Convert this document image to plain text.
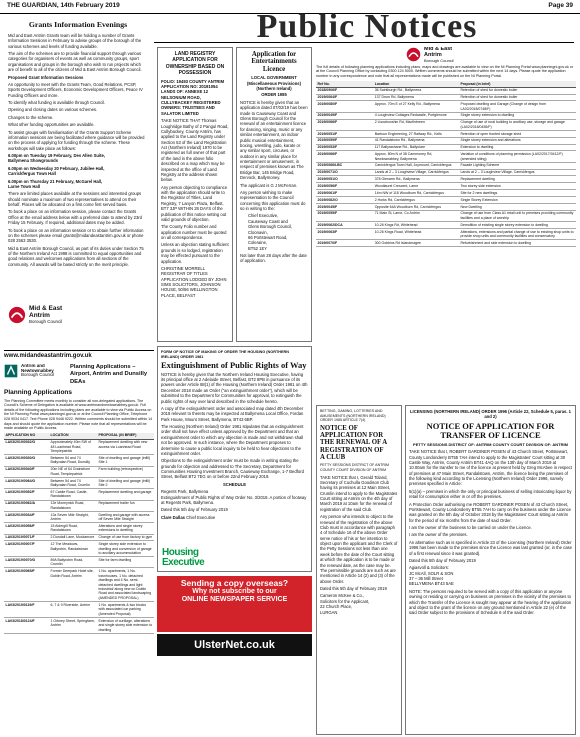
THE GUARDIAN, 14th February 2019	Page 39
Public Notices
Grants Information Evenings

Mid and East Antrim Grants team will be holding a number of Grants Information Sessions in February to advise groups of the borough of the various schemes and levels of funding available.

The aim of the schemes are to provide financial support through various categories for organisers of events as well as community groups, sport organisations and groups in the borough who wish to run projects which are of benefit to all of the citizens of Mid & East Antrim Borough Council.

Proposed Grant Information Sessions

An opportunity to meet with the Grants Team, Good Relations, PCSP, Sports Development Officers, Economic Development Officers, Peace IV Funding Officers and more.

To identify what funding is available through Council.

Opening and closing dates on various schemes.

Changes to the scheme.

What other funding opportunities are available.

To assist groups with familiarisation of the Grants Support Scheme information sessions are being facilitated where guidance will be provided on the process of applying for funding through the scheme. These workshops will take place as follows:

6.00pm on Tuesday 19 February, Des Allen Suite,
Ballymena Showgrounds

6.00pm on Wednesday 20 February, Jubilee Hall,
Carrickfergus Town Hall

6.00pm on Thursday 21 February, McGarel Hall,
Larne Town Hall

There are limited places available at the sessions and interested groups should nominate a maximum of two representatives to attend on their behalf. Places will be allocated on a first come first served basis.

To book a place on an information session, please contact the Grants Office at the email address below with a preferred date to attend by 23rd Friday 15 February. If required, additional dates may be added.

To book a place on an information session or to obtain further information on the schemes please email grants@midandeastantrim.gov.uk or phone 028 2563 3530.

Mid & East Antrim Borough Council, as part of its duties under Section 75 of the Northern Ireland Act 1998 is committed to equal opportunities and good relations and welcomes applications from all sections of the community. All awards will be based strictly on the merit principle.

Mid & East
Antrim
Borough Council
www.midandeastantrim.gov.uk
Antrim and
Newtownabbey
Borough Council
Planning Applications – Airport, Antrim and Dunsilly DEAs
Planning Applications

The Planning Committee meets monthly to consider all non-delegated applications. The Council's Scheme of Delegation is available at www.antrimandnewtownabbey.gov.uk. Full details of the following applications including plans are available to view via Public Access on the NI Planning Portal www.planningni.gov.uk or at the Council Planning Office, Telephone 028 9034 0417. Text Phone 028 9446 9222. Written comments should be submitted within 14 days and should quote the application number. Please note that all representations will be made available on Public Access.

APPLICATION NO	LOCATION	PROPOSAL (IN BRIEF)
LA03/2019/0032/O	Approximately 40m SW of 48 Loanhead Road, Templepatrick	Replacement dwelling with new access via Loanhead Road
LA03/2019/0030/O	Between 54 and 74 Ballyvalan Road, Dunsilly	Site of dwelling and garage (infill) Site 1
LA03/2019/0040/F	20m NE of 64 Grainsborn Road, Templepatrick	Farm building (retrospective)
LA03/2019/0064/O	Between 54 and 74 Ballyvalan Road, Crumlin	Site of dwelling and garage (infill) Site 2
LA03/2019/0052/F	67 Castle Road, Castle, Randalstown	Replacement dwelling and garage
LA03/2019/0062/A	12e Moneynick Road, Randalstown	Replacement trailer fun
LA03/2019/0034/F	12a Seven Mile Straight, Antrim	Dwelling and garage with access off Seven Mile Straight
LA03/2019/0056/F	15 Aldergill Road, Randalstown	Alterations and single storey extensions to dwelling
LA03/2019/0071/F	2 Dundall Lane, Muckamore	Change of use from factory to gym
LA03/2019/0007/F	12 The Meadows, Ballyrobin, Randalstown	Single storey side extension to dwelling and conversion of garage to ancillary accommodation
LA03/2019/0070/O	89A Ballyrobin Road, Crumlin	Site for farm dwelling
LA03/2019/0065/F	Former Deerpark Hotel site, Dublin Road, Antrim	1 No. apartments, 1 No. townhouses, 1 No. detached dwellings and 4 No. semi-detached dwellings and light industrial/ along new on Dublin Road and associated landscaping (AMENDED PROPOSAL)
LA03/2019/0119/F	6, 7 & 9 Riverside, Antrim	1 No. apartments & two blocks with associated car parking (Amended Proposal)
LA03/2018/0124/F	1 Orkney Street, Springfarm, Antrim	Extension of curtilage, alterations and single storey side extension to dwelling
LAND REGISTRY
APPLICATION FOR
OWNERSHIP BASED ON
POSSESSION

FOLIO: 19493 COUNTY ANTRIM APPLICATION NO: 20191054 LANDS OF: ANNEXE 12 NELSONIUM ROAD, CULLYBACKEY REGISTERED OWNERS: TRUSTEES AND SALATOR LIMITED

TAKE NOTICE THAT Thomas Loughridge Bathy of 2 Pangul Road, Cullybackey, County Antrim, has applied to the Land Registry under Section 53 of the Land Registration Act (Northern Ireland) 1970 to be registered as full owner of that part of the land in the above folio described on a map which may be inspected at the office of Land Registry at the address shown below.

Any person objecting to compliance with the application should write to the Registrar of Titles, Land Registry, 7 Lanyon Plaza, Belfast, BT7 3JP WITHIN 28 DAYS of the publication of this notice setting out valid grounds of objection.

The County Folio number and application number must be quoted on all correspondence.

Unless an objection stating sufficient grounds is so lodged, registration may be effected pursuant to the application.

CHRISTINE MORRELL
REGISTRAR OF TITLES
APPLICATION LODGED BY JOHN SIMS SOLICITORS, JOHNSON HOUSE, 50/56 WELLINGTON PLACE, BELFAST

Application for
Entertainments
Licence
LOCAL GOVERNMENT
(Miscellaneous Provisions)
(Northern Ireland)
ORDER 1985

NOTICE is hereby given that an application dated 07/02/19 has been made to Causeway Coast and Glens Borough Council for the renewal of an entertainment licence for dancing, singing, music or any similar entertainment, an indoor public musical entertainment, boxing, wrestling, judo, karate or any similar sport, circuses, or outdoor in any similar place for entertainment or amusement, in respect of premises known as The Bridge Bar, 145 Bridge Road, Dervock, Ballymoney.

The applicant is G J McFerran.

Any person wishing to make representation to the Council concerning this application must do so in writing to the:

Chief Executive,
Causeway Coast and
Glens Borough Council,
Cloonavin,
66 Portstewart Road,
Coleraine,
BT52 1EY

Not later than 28 days after the date of application.

Mid & East
Antrim
Borough Council

The full details of following planning applications including plans, maps and drawings are available to view on the NI Planning Portal www.planningni.gov.uk or at the Council Planning Office by contacting 0300 124 5000. Written comments should be submitted within the next 14 days. Please quote the application number in any correspondence and note that all representations made will be published on the NI Planning Portal.

Ref No.	Location	Proposal (in brief)
2018/0906/F	36 Saintburgh Rd., Ballymena	Retention of shed for domestic boiler
2019/0064/F	137 Drum Rd, Ballymena	Retention of shed for domestic boiler
2019/0080/F	Approx. 70m E of 27 Kelly Rd., Ballymena	Proposed dwelling and Garage (Change of design from LA02/2018/0748/F)
2019/0049/F	4 Loughview Cottages Redcastle, Portglenone	Single storey extension to dwelling
2019/0066/F	2 Lisnahunshin Rd, Macfinbreen	Change of use of rural building to ancillary use, storage and garage (LA02/2018/0455/F)
2019/0051/F	Barbour Engineering, 27 Railway Rd., Kells	Retention of open fronted storage shed
2019/0059/F	41 Randalstown Rd., Ballymena	Single storey extension and alterations
2019/0053/F	117 Ballyrashane Rd., Ballyclare	Extension to dwelling
2019/0066/F	Approx. 80m N of 38 Carnmoney Rd, Newtownabbey, Ballymena	Variation of conditions of planning permission (LA02/2017/0412/F) (amended siting)
2019/0066/LBC	Carrickfergus Town Hall, Joymount, Carrickfergus	Facade Lighting Scheme
2019/0071/O	Lands at 2 – 3 Loughview Village, Carrickfergus	Lands at 2 – 3 Loughview Village, Carrickfergus
2019/0051/O	378 Glenarm Rd., Ballymena	Replacement dwelling
2019/0056/F	Woodlaurel Crescent, Larne	Two storey side extension
2019/0061/F	14m NW of 118 Woodburn Rd, Carrickfergus	Site for 2 new dwellings
2019/0082/O	2 Horks Rd, Carrickfergus	Single Storey Extension
2019/0045/F	Opposite 64A Woodburn Rd, Carrickfergus	New Dwelling
2019/0055/F	71 Main St, Larne, Co Antrim	Change of use from Class A1 retail unit to premises providing community facilities and a place of worship
2019/0062/DCA	10-26 Kings Rd, Whitehead	Demolition of existing single storey extension to dwelling
2019/0063/F	10-26 Kings Road, Whitehead	Alterations, extensions and partial change of use to existing shop units to provide shop units and community facilities and conservatory
2019/0070/F	300 Gobbins Rd Islandmagee	Refurbishment and side extension to dwelling
FORM OF NOTICE OF MAKING OF ORDER THE HOUSING (NORTHERN IRELAND) ORDER 1981
Extinguishment of Public Rights of Way

NOTICE is hereby given that the Northern Ireland Housing Executive, having its principal office at 2 Adelaide Street, Belfast, BT2 8PB in pursuance of its powers under Article 88(1) of the Housing (Northern Ireland) Order 1981 on 4th December 2018 made an Order ("an extinguishment order"), which will be submitted to the Department for Communities for approval, to extinguish the public rights of way over land described in the schedule hereto.

A copy of the extinguishment order and associated map dated 4th December 2018 relevant to thereto may be inspected at Ballymena Local Office, Fordan Park House, Mount Street, Ballymena, BT43 6BP.

The Housing (Northern Ireland) Order 1981 stipulates that an extinguishment order shall not have effect unless approved by the Department and that an extinguishment order to which any objection is made and not withdrawn shall not be approved. In such instance, where the Department proposes to determine to cause a public local inquiry to be held to hear objections to the extinguishment order.

Objections to the extinguishment order must be made in writing stating the grounds for objection and addressed to The Secretary, Department for Communities Housing Investment Branch, Causeway Exchange, 1-7 Bedford Street, Belfast BT2 7EG on or before 22nd February 2019.

SCHEDULE

Regents Park, Ballymena

Extinguishment of Public Rights of Way Order No. 3/2018. A portion of footway at Regents Park, Ballymena.

Dated this 5th day of February 2019

Clare Dallas Chief Executive
Housing
Executive
Sending a copy overseas?
Why not subscribe to our
ONLINE NEWSPAPER SERVICE
UlsterNet.co.uk
BETTING, GAMING, LOTTERIES AND AMUSEMENTS (NORTHERN IRELAND) ORDER 1985 ARTICLE 7(4)
NOTICE OF
APPLICATION FOR
THE RENEWAL OF A
REGISTRATION OF
A CLUB
PETTY SESSIONS DISTRICT OF ANTRIM COUNTY COURT DIVISION OF ANTRIM

TAKE NOTICE that I, Gerald Toland, Secretary of Cuchulla Goodison Club having its premises at 12 Main Street, Crumlin intend to apply to the Magistrates Court sitting at Antrim on the 4th day of March 2019 at 10am for the renewal of registration of the said Club.

Any person who intends to object to the renewal of the registration of the above Club must in accordance with paragraph 4 of Schedule 16 of the above Order serve notice of his or her intention to object upon the applicant and the Clerk of the Petty Sessions not less than one week before the date of the Court sitting at which the application is to be made or the renewal date, as the case may be. The permissible grounds are such as are mentioned in Article 14 (2) and (3) of the above Order.

Dated this 5th day of February 2019

Cameron McKee & Co.,
Solicitors for the Applicant,
22 Church Place,
LURGAN

LICENSING (NORTHERN IRELAND) ORDER 1996 (Article 22, Schedule 5, paras. 1 and 2)
NOTICE OF APPLICATION FOR
TRANSFER OF LICENCE
PETTY SESSIONS DISTRICT OF: ANTRIM COUNTY COURT DIVISION OF: ANTRIM

TAKE NOTICE that I, ROBERT GARDINER POSEN of 43 Church Street, Portstewart, County Londonderry BT55 7AH intend to apply to the Magistrates' Court sitting at 30 Castle Way, Antrim, County Antrim BT41 4AQ on the 13th day of March 2019 at 10.00am for the transfer to me of the licence at present held by Greg McAbee in respect of premises at 47 Main Street, Randalstown, Antrim, the licence being the premises of the following kind according to the Licensing (Northern Ireland) Order 1996, namely premises specified in Article:

5(1)(a) – premises in which the only or principal business of selling intoxicating liquor by retail for consumption either in or off the premises.

A Protection Order authorising me ROBERT GARDINER POSEN of 43 Church Street, Portstewart, County Londonderry BT55 7AH to carry on the business under the Licence was granted on the 5th day of October 2018 by the Magistrates' Court sitting at Antrim for the period of six months from the date of said Order.

I am the owner of the business to be carried on under the Licence.

I am the owner of the premises.

An alternative such as is specified in Article 23 of the Licensing (Northern Ireland) Order 1996 has been made to the premises since the Licence was last granted (or, in the case of a first renewal since it was granted).

Dated this 5th day of February 2019

Agiasvoll & Solicitors:
JC McAll, SOLR & SON
37 – 36 Mill Street
BELLYMENA BT43 5AE

NOTE: The persons required to be served with a copy of this application or anyone owning or residing or carrying on business on premises in the vicinity of the premises to which the Transfer of the Licence is sought may appear at the hearing of the application and object to the grant of the licence on any ground mentioned in Article 22 (e) of the said Order subject to the provisions of Schedule 6 of the said Order.
